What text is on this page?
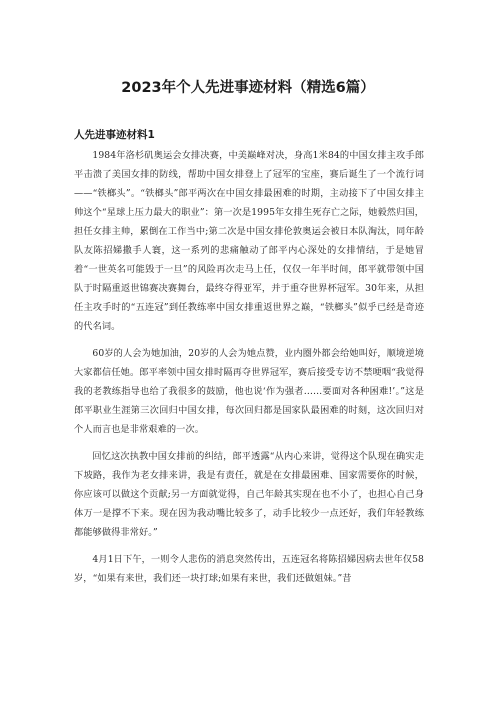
2023年个人先进事迹材料（精选6篇）
人先进事迹材料1

1984年洛杉矶奥运会女排决赛，中美巅峰对决，身高1米84的中国女排主攻手郎平击溃了美国女排的防线，帮助中国女排登上了冠军的宝座，赛后诞生了一个流行词——“铁榔头”。“铁榔头”郎平两次在中国女排最困难的时期，主动接下了中国女排主帅这个“星球上压力最大的职业”：第一次是1995年女排生死存亡之际，她毅然归国，担任女排主帅，累倒在工作当中;第二次是中国女排伦敦奥运会被日本队淘汰，同年龄队友陈招娣撒手人寰，这一系列的悲痛触动了郎平内心深处的女排情结，于是她冒着“一世英名可能毁于一旦”的风险再次走马上任，仅仅一年半时间，郎平就带领中国队于时隔重返世锦赛决赛舞台，最终夺得亚军，并于重夺世界杯冠军。30年来，从担任主攻手时的“五连冠”到任教练率中国女排重返世界之巅，“铁榔头”似乎已经是奇迹的代名词。

60岁的人会为她加油，20岁的人会为她点赞，业内圈外都会给她叫好，顺境逆境大家都信任她。郎平率领中国女排时隔再夺世界冠军，赛后接受专访不禁哽咽“我觉得我的老教练指导也给了我很多的鼓励，他也说‘作为强者……要面对各种困难!’。”这是郎平职业生涯第三次回归中国女排，每次回归都是国家队最困难的时刻，这次回归对个人而言也是非常艰难的一次。

回忆这次执教中国女排前的纠结，郎平透露“从内心来讲，觉得这个队现在确实走下坡路，我作为老女排来讲，我是有责任，就是在女排最困难、国家需要你的时候，你应该可以做这个贡献;另一方面就觉得，自己年龄其实现在也不小了，也担心自己身体万一是撑不下来。现在因为我动嘴比较多了，动手比较少一点还好，我们年轻教练都能够做得非常好。”

4月1日下午，一则令人悲伤的消息突然传出，五连冠名将陈招娣因病去世年仅58岁，“如果有来世，我们还一块打球;如果有来世，我们还做姐妹。”昔
